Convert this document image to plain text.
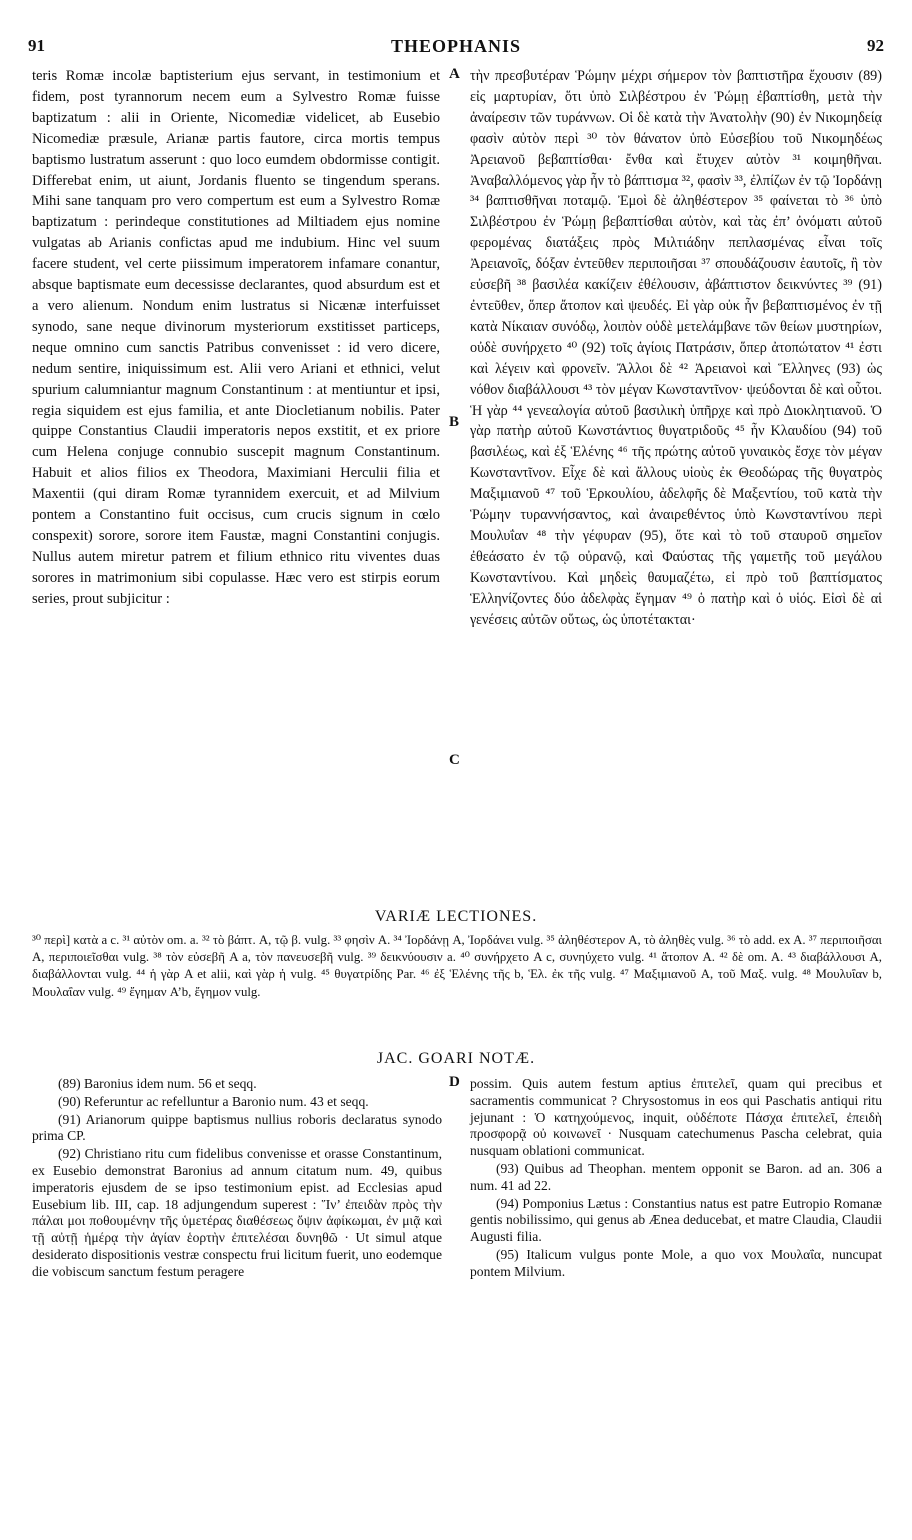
91	THEOPHANIS	92
teris Romæ incolæ baptisterium ejus servant, in testimonium et fidem, post tyrannorum necem eum a Sylvestro Romæ fuisse baptizatum : alii in Oriente, Nicomediæ videlicet, ab Eusebio Nicomediæ præsule, Arianæ partis fautore, circa mortis tempus baptismo lustratum asserunt : quo loco eumdem obdormisse contigit. Differebat enim, ut aiunt, Jordanis fluento se tingendum sperans. Mihi sane tanquam pro vero compertum est eum a Sylvestro Romæ baptizatum : perindeque constitutiones ad Miltiadem ejus nomine vulgatas ab Arianis confictas apud me indubium. Hinc vel suum facere student, vel certe piissimum imperatorem infamare conantur, absque baptismate eum decessisse declarantes, quod absurdum est et a vero alienum. Nondum enim lustratus si Nicænæ interfuisset synodo, sane neque divinorum mysteriorum exstitisset particeps, neque omnino cum sanctis Patribus convenisset : id vero dicere, nedum sentire, iniquissimum est. Alii vero Ariani et ethnici, velut spurium calumniantur magnum Constantinum : at mentiuntur et ipsi, regia siquidem est ejus familia, et ante Diocletianum nobilis. Pater quippe Constantius Claudii imperatoris nepos exstitit, et ex priore cum Helena conjuge connubio suscepit magnum Constantinum. Habuit et alios filios ex Theodora, Maximiani Herculii filia et Maxentii (qui diram Romæ tyrannidem exercuit, et ad Milvium pontem a Constantino fuit occisus, cum crucis signum in cœlo conspexit) sorore, sorore item Faustæ, magni Constantini conjugis. Nullus autem miretur patrem et filium ethnico ritu viventes duas sorores in matrimonium sibi copulasse. Hæc vero est stirpis eorum series, prout subjicitur :
τὴν πρεσβυτέραν Ῥώμην μέχρι σήμερον τὸν βαπτιστῆρα ἔχουσιν (89) εἰς μαρτυρίαν, ὅτι ὑπὸ Σιλβέστρου ἐν Ῥώμῃ ἐβαπτίσθη, μετὰ τὴν ἀναίρεσιν τῶν τυράννων. Οἱ δὲ κατὰ τὴν Ἀνατολὴν (90) ἐν Νικομηδείᾳ φασὶν αὐτὸν περὶ ³⁰ τὸν θάνατον ὑπὸ Εὐσεβίου τοῦ Νικομηδέως Ἀρειανοῦ βεβαπτίσθαι· ἔνθα καὶ ἔτυχεν αὐτὸν ³¹ κοιμηθῆναι. Ἀναβαλλόμενος γὰρ ἦν τὸ βάπτισμα ³², φασὶν ³³, ἐλπίζων ἐν τῷ Ἰορδάνῃ ³⁴ βαπτισθῆναι ποταμῷ. Ἐμοὶ δὲ ἀληθέστερον ³⁵ φαίνεται τὸ ³⁶ ὑπὸ Σιλβέστρου ἐν Ῥώμῃ βεβαπτίσθαι αὐτὸν, καὶ τὰς ἐπ’ ὀνόματι αὐτοῦ φερομένας διατάξεις πρὸς Μιλτιάδην πεπλασμένας εἶναι τοῖς Ἀρειανοῖς, δόξαν ἐντεῦθεν περιποιῆσαι ³⁷ σπουδάζουσιν ἑαυτοῖς, ἢ τὸν εὐσεβῆ ³⁸ βασιλέα κακίζειν ἐθέλουσιν, ἀβάπτιστον δεικνύντες ³⁹ (91) ἐντεῦθεν, ὅπερ ἄτοπον καὶ ψευδές. Εἰ γὰρ οὐκ ἦν βεβαπτισμένος ἐν τῇ κατὰ Νίκαιαν συνόδῳ, λοιπὸν οὐδὲ μετελάμβανε τῶν θείων μυστηρίων, οὐδὲ συνήρχετο ⁴⁰ (92) τοῖς ἁγίοις Πατράσιν, ὅπερ ἀτοπώτατον ⁴¹ ἐστι καὶ λέγειν καὶ φρονεῖν. Ἄλλοι δὲ ⁴² Ἀρειανοὶ καὶ Ἕλληνες (93) ὡς νόθον διαβάλλουσι ⁴³ τὸν μέγαν Κωνσταντῖνον· ψεύδονται δὲ καὶ οὗτοι. Ἡ γὰρ ⁴⁴ γενεαλογία αὐτοῦ βασιλικὴ ὑπῆρχε καὶ πρὸ Διοκλητιανοῦ. Ὁ γὰρ πατὴρ αὐτοῦ Κωνστάντιος θυγατριδοῦς ⁴⁵ ἦν Κλαυδίου (94) τοῦ βασιλέως, καὶ ἐξ Ἑλένης ⁴⁶ τῆς πρώτης αὐτοῦ γυναικὸς ἔσχε τὸν μέγαν Κωνσταντῖνον. Εἶχε δὲ καὶ ἄλλους υἱοὺς ἐκ Θεοδώρας τῆς θυγατρὸς Μαξιμιανοῦ ⁴⁷ τοῦ Ἑρκουλίου, ἀδελφῆς δὲ Μαξεντίου, τοῦ κατὰ τὴν Ῥώμην τυραννήσαντος, καὶ ἀναιρεθέντος ὑπὸ Κωνσταντίνου περὶ Μουλυΐαν ⁴⁸ τὴν γέφυραν (95), ὅτε καὶ τὸ τοῦ σταυροῦ σημεῖον ἐθεάσατο ἐν τῷ οὐρανῷ, καὶ Φαύστας τῆς γαμετῆς τοῦ μεγάλου Κωνσταντίνου. Καὶ μηδεὶς θαυμαζέτω, εἰ πρὸ τοῦ βαπτίσματος Ἑλληνίζοντες δύο ἀδελφὰς ἔγημαν ⁴⁹ ὁ πατὴρ καὶ ὁ υἱός. Εἰσὶ δὲ αἱ γενέσεις αὐτῶν οὕτως, ὡς ὑποτέτακται·
A
B
C
D
VARIÆ LECTIONES.
³⁰ περὶ] κατὰ a c. ³¹ αὐτὸν om. a. ³² τὸ βάπτ. A, τῷ β. vulg. ³³ φησὶν A. ³⁴ Ἰορδάνῃ A, Ἰορδάνει vulg. ³⁵ ἀληθέστερον A, τὸ ἀληθὲς vulg. ³⁶ τὸ add. ex A. ³⁷ περιποιῆσαι A, περιποιεῖσθαι vulg. ³⁸ τὸν εὐσεβῆ A a, τὸν πανευσεβῆ vulg. ³⁹ δεικνύουσιν a. ⁴⁰ συνήρχετο A c, συνηύχετο vulg. ⁴¹ ἄτοπον A. ⁴² δὲ om. A. ⁴³ διαβάλλουσι A, διαβάλλονται vulg. ⁴⁴ ἡ γὰρ A et alii, καὶ γὰρ ἡ vulg. ⁴⁵ θυγατρίδης Par. ⁴⁶ ἐξ Ἑλένης τῆς b, Ἑλ. ἐκ τῆς vulg. ⁴⁷ Μαξιμιανοῦ A, τοῦ Μαξ. vulg. ⁴⁸ Μουλυΐαν b, Μουλαΐαν vulg. ⁴⁹ ἔγημαν A’b, ἔγημον vulg.
JAC. GOARI NOTÆ.

(89) Baronius idem num. 56 et seqq.

(90) Referuntur ac refelluntur a Baronio num. 43 et seqq.

(91) Arianorum quippe baptismus nullius roboris declaratus synodo prima CP.

(92) Christiano ritu cum fidelibus convenisse et orasse Constantinum, ex Eusebio demonstrat Baronius ad annum citatum num. 49, quibus imperatoris ejusdem de se ipso testimonium epist. ad Ecclesias apud Eusebium lib. III, cap. 18 adjungendum superest : Ἵν’ ἐπειδὰν πρὸς τὴν πάλαι μοι ποθουμένην τῆς ὑμετέρας διαθέσεως ὄψιν ἀφίκωμαι, ἐν μιᾷ καὶ τῇ αὐτῇ ἡμέρᾳ τὴν ἁγίαν ἑορτὴν ἐπιτελέσαι δυνηθῶ · Ut simul atque desiderato dispositionis vestræ conspectu frui licitum fuerit, uno eodemque die vobiscum sanctum festum peragere

possim. Quis autem festum aptius ἐπιτελεῖ, quam qui precibus et sacramentis communicat ? Chrysostomus in eos qui Paschatis antiqui ritu jejunant : Ὁ κατηχούμενος, inquit, οὐδέποτε Πάσχα ἐπιτελεῖ, ἐπειδὴ προσφορᾷ οὐ κοινωνεῖ · Nusquam catechumenus Pascha celebrat, quia nusquam oblationi communicat.

(93) Quibus ad Theophan. mentem opponit se Baron. ad an. 306 a num. 41 ad 22.

(94) Pomponius Lætus : Constantius natus est patre Eutropio Romanæ gentis nobilissimo, qui genus ab Ænea deducebat, et matre Claudia, Claudii Augusti filia.

(95) Italicum vulgus ponte Mole, a quo vox Μουλαΐα, nuncupat pontem Milvium.
